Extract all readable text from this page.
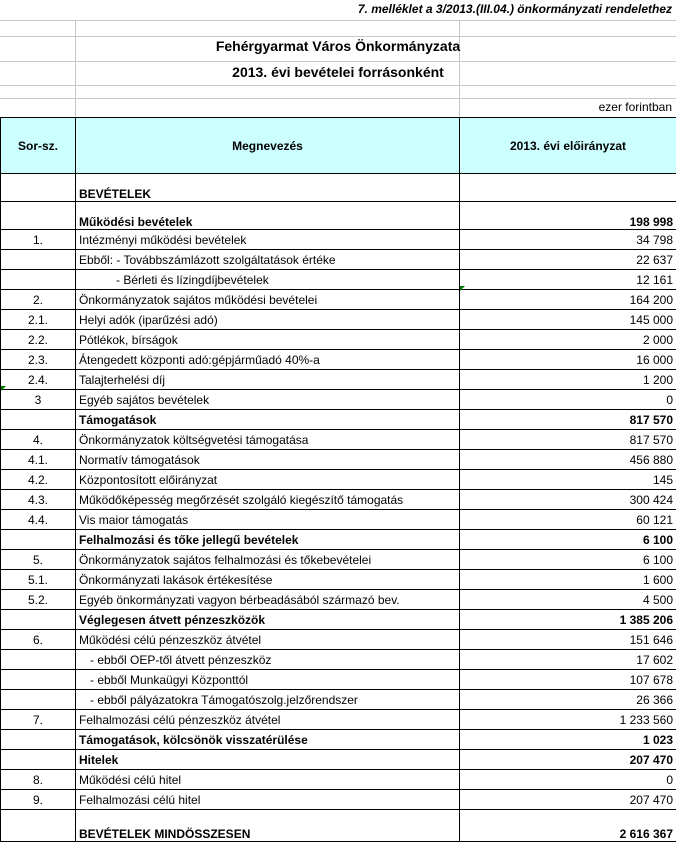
7. melléklet a 3/2013.(III.04.) önkormányzati rendelethez
Fehérgyarmat Város Önkormányzata
2013. évi bevételei forrásonként
ezer forintban
Sor-sz.	Megnevezés	2013. évi előirányzat
	BEVÉTELEK	
	Működési bevételek	198 998
1.	Intézményi működési bevételek	34 798
	Ebből: - Továbbszámlázott szolgáltatások értéke	22 637
	- Bérleti és lízingdíjbevételek	12 161
2.	Önkormányzatok sajátos működési bevételei	164 200
2.1.	Helyi adók (iparűzési adó)	145 000
2.2.	Pótlékok, bírságok	2 000
2.3.	Átengedett központi adó:gépjárműadó 40%-a	16 000
2.4.	Talajterhelési díj	1 200
3	Egyéb sajátos bevételek	0
	Támogatások	817 570
4.	Önkormányzatok költségvetési támogatása	817 570
4.1.	Normatív támogatások	456 880
4.2.	Központosított előirányzat	145
4.3.	Működőképesség megőrzését szolgáló kiegészítő támogatás	300 424
4.4.	Vis maior támogatás	60 121
	Felhalmozási és tőke jellegű bevételek	6 100
5.	Önkormányzatok sajátos felhalmozási és tőkebevételei	6 100
5.1.	Önkormányzati lakások értékesítése	1 600
5.2.	Egyéb önkormányzati vagyon bérbeadásából származó bev.	4 500
	Véglegesen átvett pénzeszközök	1 385 206
6.	Működési célú pénzeszköz átvétel	151 646
	- ebből OEP-től átvett pénzeszköz	17 602
	- ebből Munkaügyi Központtól	107 678
	- ebből pályázatokra Támogatószolg.jelzőrendszer	26 366
7.	Felhalmozási célú pénzeszköz átvétel	1 233 560
	Támogatások, kölcsönök visszatérülése	1 023
	Hitelek	207 470
8.	Működési célú hitel	0
9.	Felhalmozási célú hitel	207 470
	BEVÉTELEK MINDÖSSZESEN	2 616 367
